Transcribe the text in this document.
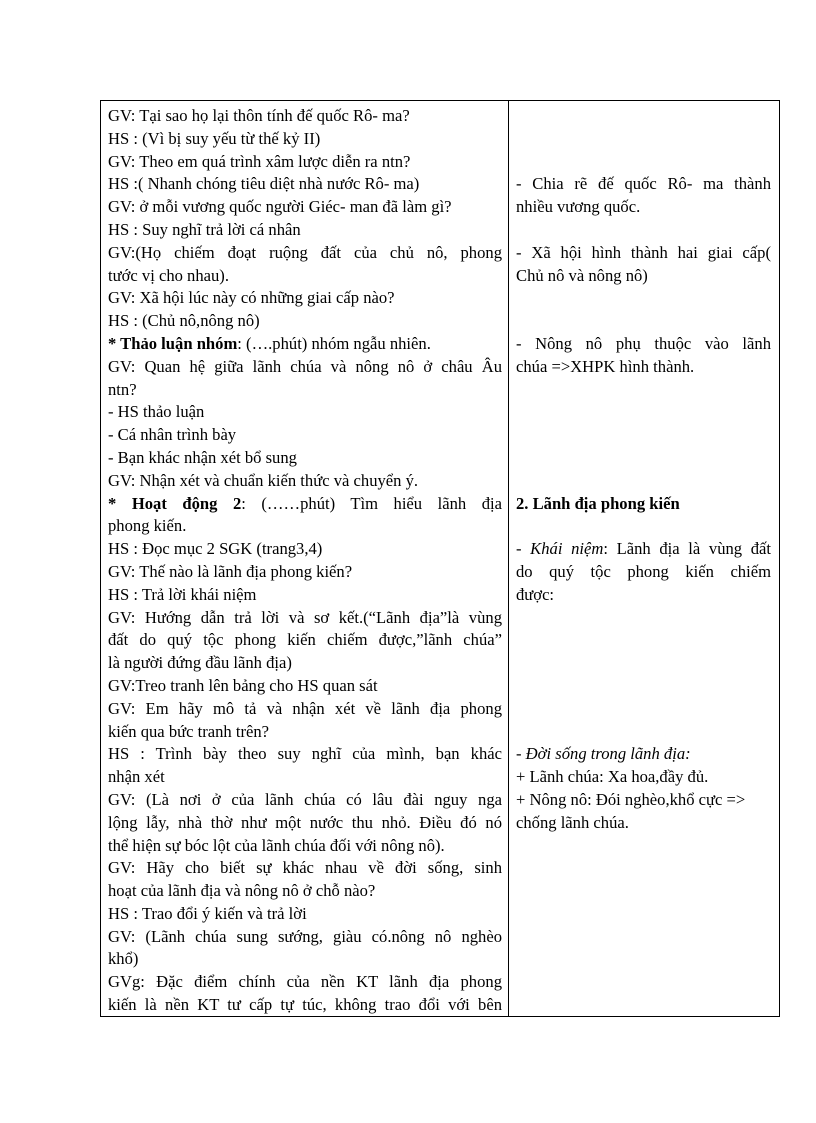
GV: Tại sao họ lại thôn tính đế quốc Rô- ma?
HS : (Vì bị suy yếu từ thế kỷ II)
GV: Theo em quá trình xâm lược diễn ra ntn?
HS :( Nhanh chóng tiêu diệt nhà nước Rô- ma)
GV: ở mỗi vương quốc người Giéc- man đã làm gì?
HS : Suy nghĩ trả lời cá nhân
GV:(Họ chiếm đoạt ruộng đất của chủ nô, phong
tước vị cho nhau).
GV: Xã hội lúc này có những giai cấp nào?
HS : (Chủ nô,nông nô)
* Thảo luận nhóm: (….phút) nhóm ngẫu nhiên.
GV: Quan hệ giữa lãnh chúa và nông nô ở châu Âu
ntn?
- HS thảo luận
- Cá nhân trình bày
- Bạn khác nhận xét bổ sung
GV: Nhận xét và chuẩn kiến thức và chuyển ý.
* Hoạt động 2: (……phút) Tìm hiểu lãnh địa
phong kiến.
HS : Đọc mục 2 SGK (trang3,4)
GV: Thế nào là lãnh địa phong kiến?
HS : Trả lời khái niệm
GV: Hướng dẫn trả lời và sơ kết.(“Lãnh địa”là vùng
đất do quý tộc phong kiến chiếm được,”lãnh chúa”
là người đứng đầu lãnh địa)
GV:Treo tranh lên bảng cho HS quan sát
GV: Em hãy mô tả và nhận xét về lãnh địa phong
kiến qua bức tranh trên?
HS : Trình bày theo suy nghĩ của mình, bạn khác
nhận xét
GV: (Là nơi ở của lãnh chúa có lâu đài nguy nga
lộng lẫy, nhà thờ như một nước thu nhỏ. Điều đó nó
thể hiện sự bóc lột của lãnh chúa đối với nông nô).
GV: Hãy cho biết sự khác nhau về đời sống, sinh
hoạt của lãnh địa và nông nô ở chỗ nào?
HS : Trao đổi ý kiến và trả lời
GV: (Lãnh chúa sung sướng, giàu có.nông nô nghèo
khổ)
GVg: Đặc điểm chính của nền KT lãnh địa phong
kiến là nền KT tư cấp tự túc, không trao đổi với bên

- Chia rẽ đế quốc Rô- ma thành
nhiều vương quốc.

- Xã hội hình thành hai giai cấp(
Chủ nô và nông nô)

- Nông nô phụ thuộc vào lãnh
chúa =>XHPK hình thành.

2. Lãnh địa phong kiến

- Khái niệm: Lãnh địa là vùng đất
do quý tộc phong kiến chiếm
được:

- Đời sống trong lãnh địa:
+ Lãnh chúa: Xa hoa,đầy đủ.
+ Nông nô: Đói nghèo,khổ cực =>
chống lãnh chúa.
